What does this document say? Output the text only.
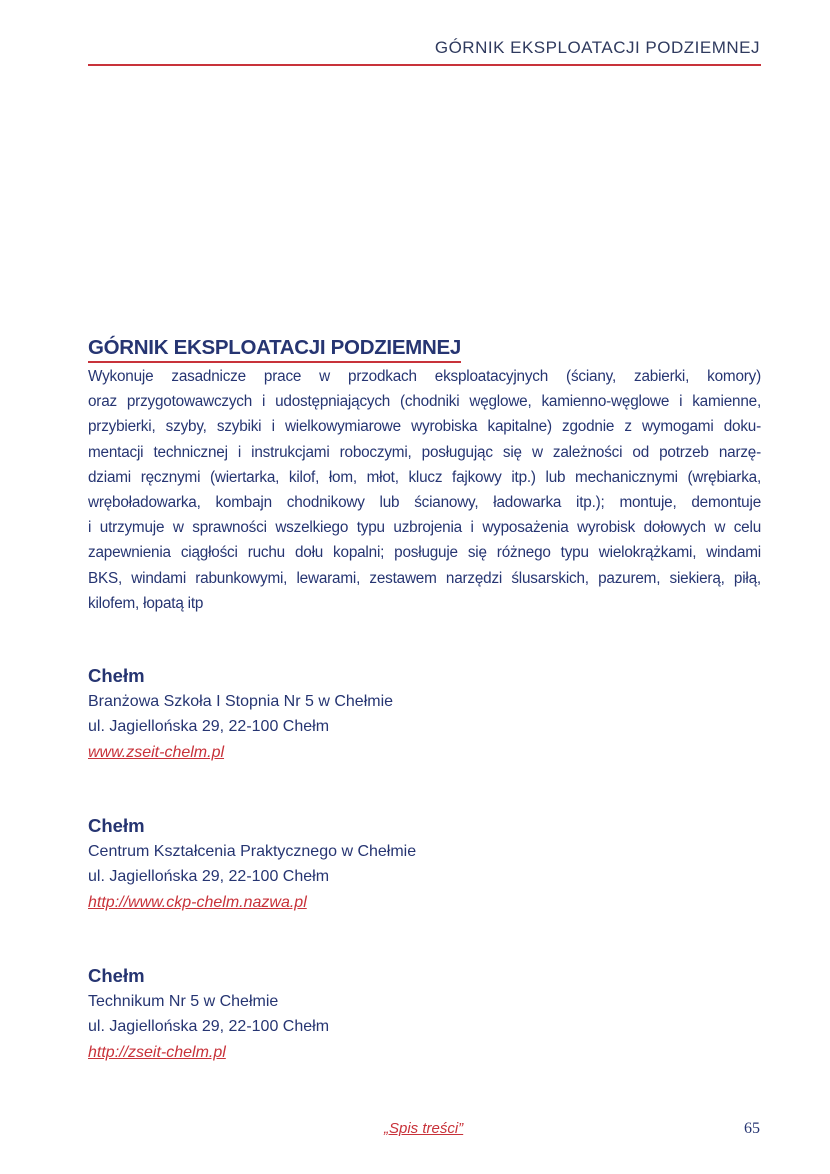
GÓRNIK EKSPLOATACJI PODZIEMNEJ
GÓRNIK EKSPLOATACJI PODZIEMNEJ
Wykonuje zasadnicze prace w przodkach eksploatacyjnych (ściany, zabierki, komory)
oraz przygotowawczych i udostępniających (chodniki węglowe, kamienno-węglowe i kamienne,
przybierki, szyby, szybiki i wielkowymiarowe wyrobiska kapitalne) zgodnie z wymogami doku-
mentacji technicznej i instrukcjami roboczymi, posługując się w zależności od potrzeb narzę-
dziami ręcznymi (wiertarka, kilof, łom, młot, klucz fajkowy itp.) lub mechanicznymi (wrębiarka,
wręboładowarka, kombajn chodnikowy lub ścianowy, ładowarka itp.); montuje, demontuje
i utrzymuje w sprawności wszelkiego typu uzbrojenia i wyposażenia wyrobisk dołowych w celu
zapewnienia ciągłości ruchu dołu kopalni; posługuje się różnego typu wielokrążkami, windami
BKS, windami rabunkowymi, lewarami, zestawem narzędzi ślusarskich, pazurem, siekierą, piłą,
kilofem, łopatą itp
Chełm
Branżowa Szkoła I Stopnia Nr 5 w Chełmie
ul. Jagiellońska 29, 22-100 Chełm
www.zseit-chelm.pl
Chełm
Centrum Kształcenia Praktycznego w Chełmie
ul. Jagiellońska 29, 22-100 Chełm
http://www.ckp-chelm.nazwa.pl
Chełm
Technikum Nr 5 w Chełmie
ul. Jagiellońska 29, 22-100 Chełm
http://zseit-chelm.pl
„Spis treści”	65
